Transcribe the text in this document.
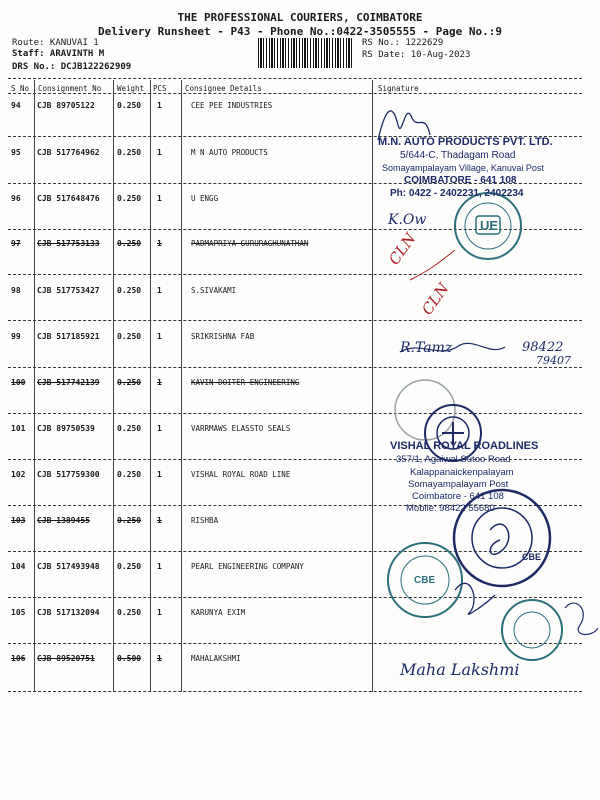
THE PROFESSIONAL COURIERS, COIMBATORE
Delivery Runsheet - P43 - Phone No.:0422-3505555 - Page No.:9
Route: KANUVAI 1
Staff: ARAVINTH M
DRS No.: DCJB122262909
RS No.: 1222629
RS Date: 10-Aug-2023
S No Consignment No Weight PCS Consignee Details	Signature
94 CJB 89705122	0.250 1	CEE PEE INDUSTRIES
95 CJB 517764962 0.250 1	M N AUTO PRODUCTS
96 CJB 517648476 0.250 1	U ENGG
97 CJB 517753133 0.250 1	PADMAPRIYA GURURAGHUNATHAN
98 CJB 517753427 0.250 1	S.SIVAKAMI
99 CJB 517185921 0.250 1	SRIKRISHNA FAB
100 CJB 517742139 0.250 1	KAVIN DOITER ENGINEERING
101 CJB 89750539	0.250 1	VARRMAWS ELASSTO SEALS
102 CJB 517759300 0.250 1	VISHAL ROYAL ROAD LINE
103 CJB 1389455	0.250 1	RISHBA
104 CJB 517493948 0.250 1	PEARL ENGINEERING COMPANY
105 CJB 517132094 0.250 1	KARUNYA EXIM
106 CJB 89520751	0.500 1	MAHALAKSHMI
M.N. AUTO PRODUCTS PVT. LTD.
5/644-C, Thadagam Road
Somayampalayam Village, Kanuvai Post
COIMBATORE - 641 108
Ph: 0422 - 2402231, 2402234
UE
K.Ow
CLN
CLN
R.Tamz	98422
79407
Maha Lakshmi
VISHAL ROYAL ROADLINES
357/1, Agaiwal Sutoo Road
Kalappanaickenpalayam
Somayampalayam Post
Coimbatore - 641 108
Mobile: 98422 55680
CBE
CBE
